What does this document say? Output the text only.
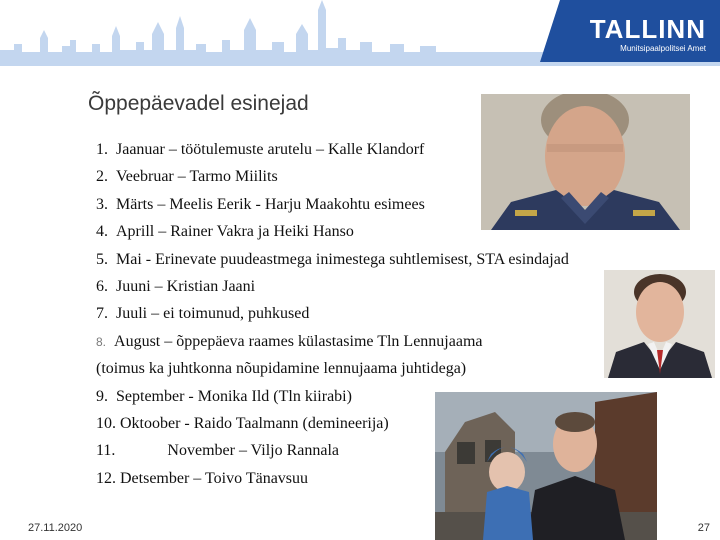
TALLINN
Munitsipaalpolitsei Amet
Õppepäevadel esinejad
1. Jaanuar – töötulemuste arutelu – Kalle Klandorf
2. Veebruar – Tarmo Miilits
3. Märts – Meelis Eerik - Harju Maakohtu esimees
4. Aprill – Rainer Vakra ja Heiki Hanso
5. Mai - Erinevate puudeastmega inimestega suhtlemisest, STA esindajad
6. Juuni – Kristian Jaani
7. Juuli – ei toimunud, puhkused
8. August – õppepäeva raames külastasime Tln Lennujaama
(toimus ka juhtkonna nõupidamine lennujaama juhtidega)
9. September - Monika Ild (Tln kiirabi)
10. Oktoober - Raido Taalmann (demineerija)
11.	November – Viljo Rannala
12. Detsember – Toivo Tänavsuu
27.11.2020	27
